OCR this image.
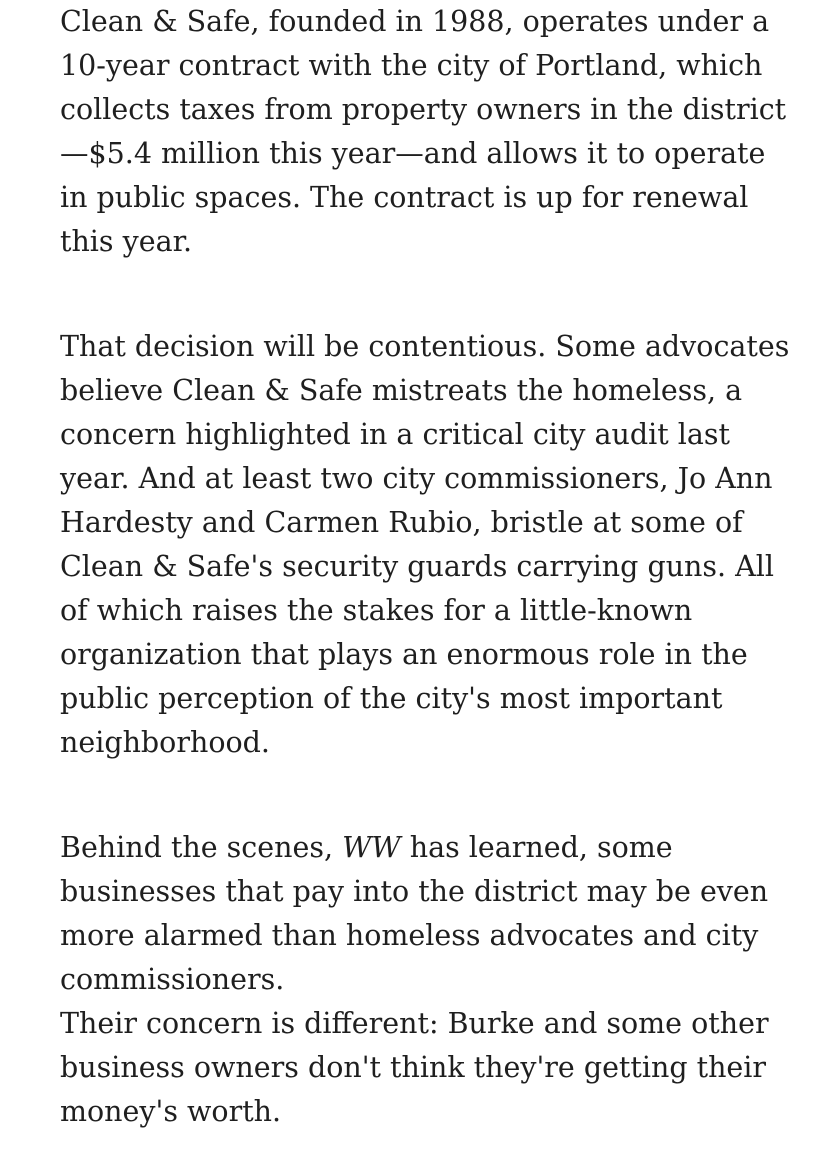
Clean & Safe, founded in 1988, operates under a
10-year contract with the city of Portland, which
collects taxes from property owners in the district
—$5.4 million this year—and allows it to operate
in public spaces. The contract is up for renewal
this year.

That decision will be contentious. Some advocates
believe Clean & Safe mistreats the homeless, a
concern highlighted in a critical city audit last
year. And at least two city commissioners, Jo Ann
Hardesty and Carmen Rubio, bristle at some of
Clean & Safe's security guards carrying guns. All
of which raises the stakes for a little-known
organization that plays an enormous role in the
public perception of the city's most important
neighborhood.

Behind the scenes, WW has learned, some
businesses that pay into the district may be even
more alarmed than homeless advocates and city
commissioners.

Their concern is different: Burke and some other
business owners don't think they're getting their
money's worth.
